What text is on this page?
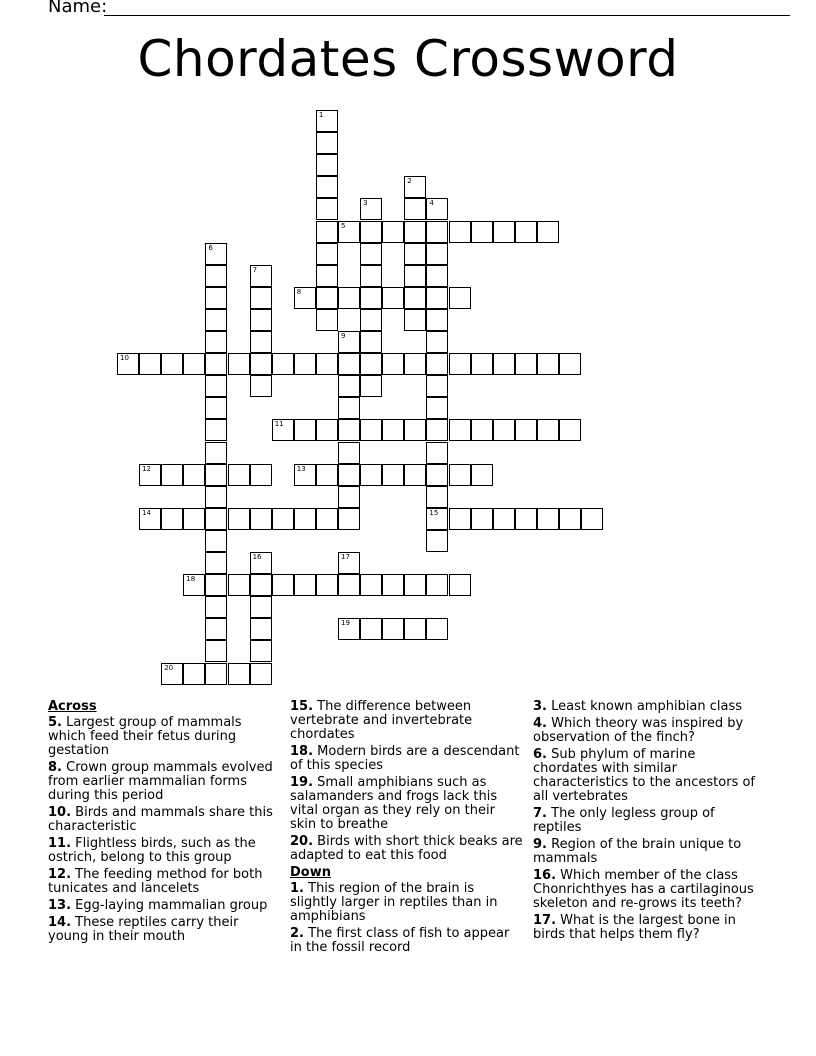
Name:
Chordates Crossword
1
2
3	4
15
5
6
7
8
9
10
11
12	13
14
16	17
18
19
20
Across
5. Largest group of mammals which feed their fetus during gestation
8. Crown group mammals evolved from earlier mammalian forms during this period
10. Birds and mammals share this characteristic
11. Flightless birds, such as the ostrich, belong to this group
12. The feeding method for both tunicates and lancelets
13. Egg-laying mammalian group
14. These reptiles carry their young in their mouth
15. The difference between vertebrate and invertebrate chordates
18. Modern birds are a descendant of this species
19. Small amphibians such as salamanders and frogs lack this vital organ as they rely on their skin to breathe
20. Birds with short thick beaks are adapted to eat this food
Down
1. This region of the brain is slightly larger in reptiles than in amphibians
2. The first class of fish to appear in the fossil record
3. Least known amphibian class
4. Which theory was inspired by observation of the finch?
6. Sub phylum of marine chordates with similar characteristics to the ancestors of all vertebrates
7. The only legless group of reptiles
9. Region of the brain unique to mammals
16. Which member of the class Chonrichthyes has a cartilaginous skeleton and re-grows its teeth?
17. What is the largest bone in birds that helps them fly?
